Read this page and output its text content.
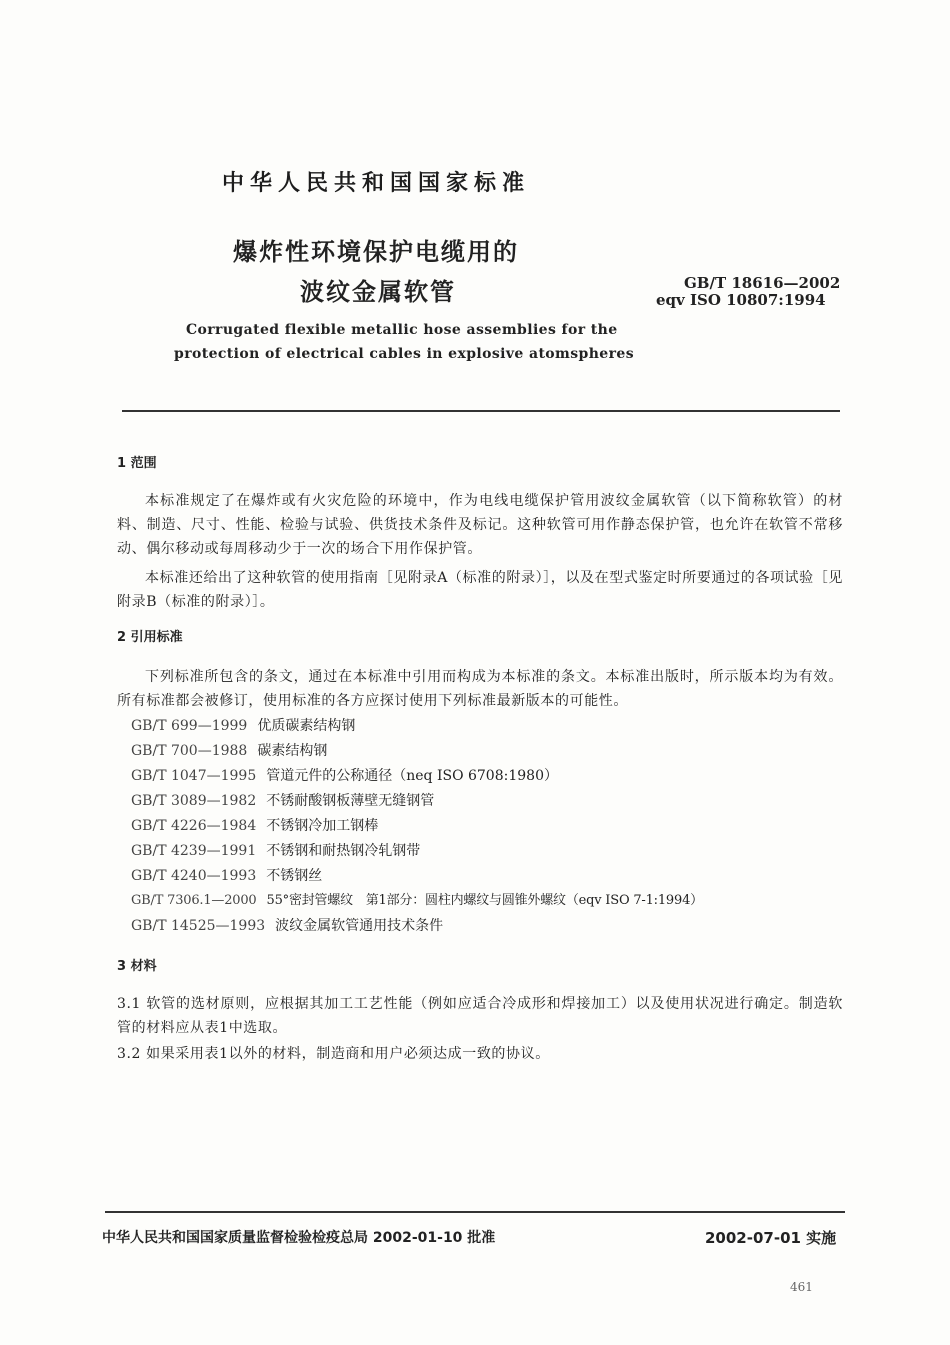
中华人民共和国国家标准
爆炸性环境保护电缆用的
波纹金属软管	GB/T 18616—2002
eqv ISO 10807:1994
Corrugated flexible metallic hose assemblies for the
protection of electrical cables in explosive atomspheres
1 范围
本标准规定了在爆炸或有火灾危险的环境中，作为电线电缆保护管用波纹金属软管（以下简称软管）的材料、制造、尺寸、性能、检验与试验、供货技术条件及标记。这种软管可用作静态保护管，也允许在软管不常移动、偶尔移动或每周移动少于一次的场合下用作保护管。
本标准还给出了这种软管的使用指南［见附录A（标准的附录）］，以及在型式鉴定时所要通过的各项试验［见附录B（标准的附录）］。
2 引用标准
下列标准所包含的条文，通过在本标准中引用而构成为本标准的条文。本标准出版时，所示版本均为有效。所有标准都会被修订，使用标准的各方应探讨使用下列标准最新版本的可能性。
GB/T 699—1999 优质碳素结构钢
GB/T 700—1988 碳素结构钢
GB/T 1047—1995 管道元件的公称通径（neq ISO 6708:1980）
GB/T 3089—1982 不锈耐酸钢板薄壁无缝钢管
GB/T 4226—1984 不锈钢冷加工钢棒
GB/T 4239—1991 不锈钢和耐热钢冷轧钢带
GB/T 4240—1993 不锈钢丝
GB/T 7306.1—2000 55°密封管螺纹　第1部分：圆柱内螺纹与圆锥外螺纹（eqv ISO 7-1:1994）
GB/T 14525—1993 波纹金属软管通用技术条件
3 材料
3.1 软管的选材原则，应根据其加工工艺性能（例如应适合冷成形和焊接加工）以及使用状况进行确定。制造软管的材料应从表1中选取。
3.2 如果采用表1以外的材料，制造商和用户必须达成一致的协议。
中华人民共和国国家质量监督检验检疫总局 2002-01-10 批准	2002-07-01 实施
461
